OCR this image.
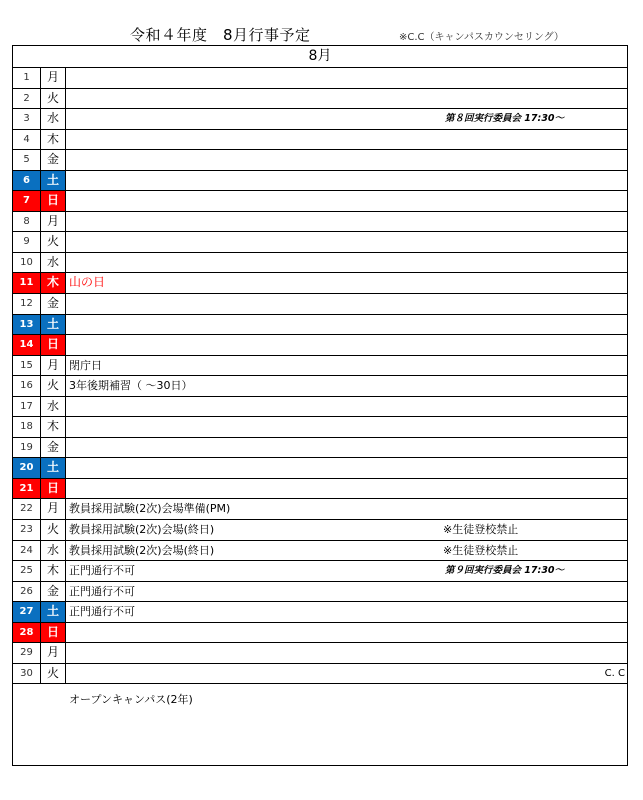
令和４年度　8月行事予定	※C.C（キャンパスカウンセリング）
8月
1	月
2	火
3	水	第８回実行委員会 17:30～
4	木
5	金
6	土
7	日
8	月
9	火
10	水
11	木 山の日
12	金
13	土
14	日
15	月 閉庁日
16	火 3年後期補習（ ～30日）
17	水
18	木
19	金
20	土
21	日
22	月 教員採用試験(2次)会場準備(PM)
23	火 教員採用試験(2次)会場(終日)	※生徒登校禁止
24	水 教員採用試験(2次)会場(終日)	※生徒登校禁止
25	木 正門通行不可	第９回実行委員会 17:30～
26	金 正門通行不可
27	土 正門通行不可
28	日
29	月
30	火	C. C
オープンキャンパス(2年)
